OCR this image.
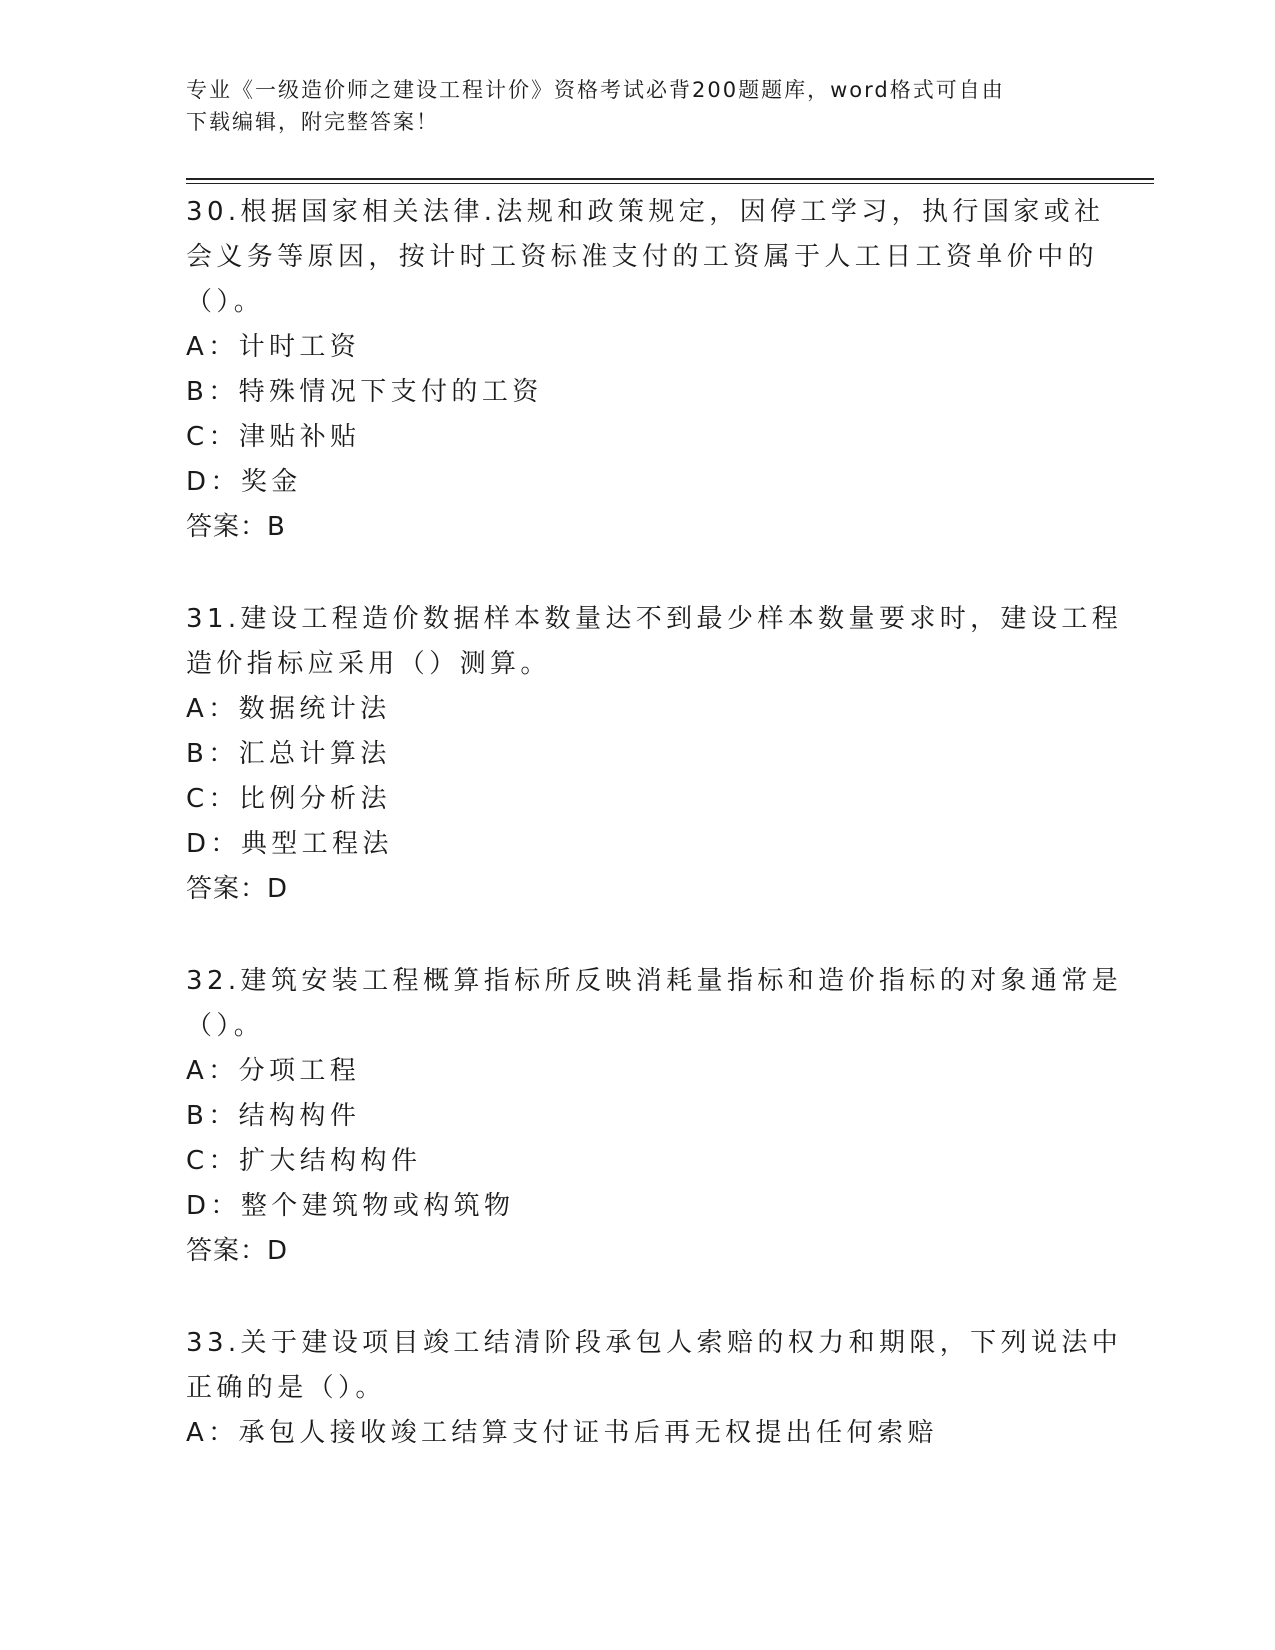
专业《一级造价师之建设工程计价》资格考试必背200题题库，word格式可自由
下载编辑，附完整答案！
30.根据国家相关法律.法规和政策规定，因停工学习，执行国家或社
会义务等原因，按计时工资标准支付的工资属于人工日工资单价中的
（）。
A：计时工资
B：特殊情况下支付的工资
C：津贴补贴
D：奖金
答案：B
31.建设工程造价数据样本数量达不到最少样本数量要求时，建设工程
造价指标应采用（）测算。
A：数据统计法
B：汇总计算法
C：比例分析法
D：典型工程法
答案：D
32.建筑安装工程概算指标所反映消耗量指标和造价指标的对象通常是
（）。
A：分项工程
B：结构构件
C：扩大结构构件
D：整个建筑物或构筑物
答案：D
33.关于建设项目竣工结清阶段承包人索赔的权力和期限，下列说法中
正确的是（）。
A：承包人接收竣工结算支付证书后再无权提出任何索赔
